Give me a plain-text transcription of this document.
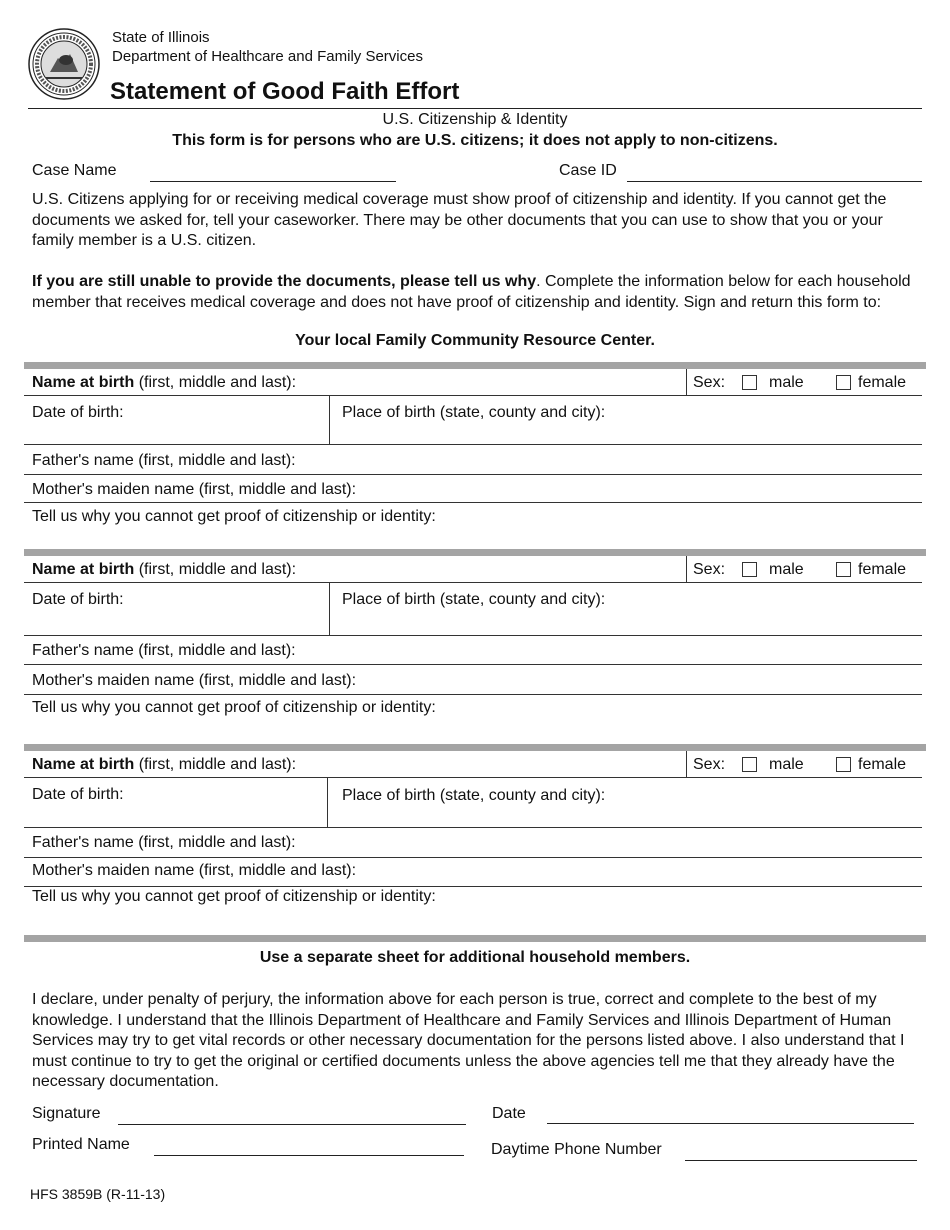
State of Illinois
Department of Healthcare and Family Services
Statement of Good Faith Effort
U.S. Citizenship & Identity
This form is for persons who are U.S. citizens; it does not apply to non-citizens.
Case Name	Case ID
U.S. Citizens applying for or receiving medical coverage must show proof of citizenship and identity. If you cannot get the documents we asked for, tell your caseworker. There may be other documents that you can use to show that you or your family member is a U.S. citizen.
If you are still unable to provide the documents, please tell us why. Complete the information below for each household member that receives medical coverage and does not have proof of citizenship and identity. Sign and return this form to:
Your local Family Community Resource Center.
Name at birth (first, middle and last):	Sex:	male	female
Date of birth:	Place of birth (state, county and city):
Father's name (first, middle and last):
Mother's maiden name (first, middle and last):
Tell us why you cannot get proof of citizenship or identity:
Name at birth (first, middle and last):	Sex:	male	female
Date of birth:	Place of birth (state, county and city):
Father's name (first, middle and last):
Mother's maiden name (first, middle and last):
Tell us why you cannot get proof of citizenship or identity:
Name at birth (first, middle and last):	Sex:	male	female
Date of birth:	Place of birth (state, county and city):
Father's name (first, middle and last):
Mother's maiden name (first, middle and last):
Tell us why you cannot get proof of citizenship or identity:
Use a separate sheet for additional household members.
I declare, under penalty of perjury, the information above for each person is true, correct and complete to the best of my knowledge. I understand that the Illinois Department of Healthcare and Family Services and Illinois Department of Human Services may try to get vital records or other necessary documentation for the persons listed above. I also understand that I must continue to try to get the original or certified documents unless the above agencies tell me that they already have the necessary documentation.
Signature	Date
Printed Name	Daytime Phone Number
HFS 3859B (R-11-13)
